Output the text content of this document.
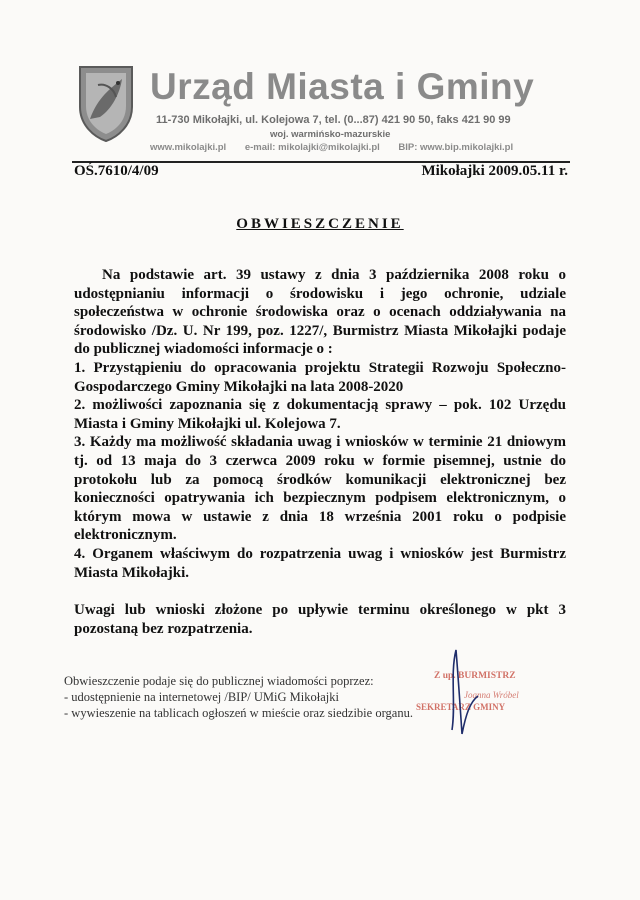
Urząd Miasta i Gminy
11-730 Mikołajki, ul. Kolejowa 7, tel. (0...87) 421 90 50, faks 421 90 99
woj. warmińsko-mazurskie
www.mikolajki.pl e-mail: mikolajki@mikolajki.pl BIP: www.bip.mikolajki.pl
OŚ.7610/4/09	Mikołajki 2009.05.11 r.
OBWIESZCZENIE

Na podstawie art. 39 ustawy z dnia 3 października 2008 roku o udostępnianiu informacji o środowisku i jego ochronie, udziale społeczeństwa w ochronie środowiska oraz o ocenach oddziaływania na środowisko /Dz. U. Nr 199, poz. 1227/, Burmistrz Miasta Mikołajki podaje do publicznej wiadomości informacje o :

1. Przystąpieniu do opracowania projektu Strategii Rozwoju Społeczno-Gospodarczego Gminy Mikołajki na lata 2008-2020

2. możliwości zapoznania się z dokumentacją sprawy – pok. 102 Urzędu Miasta i Gminy Mikołajki ul. Kolejowa 7.

3. Każdy ma możliwość składania uwag i wniosków w terminie 21 dniowym tj. od 13 maja do 3 czerwca 2009 roku w formie pisemnej, ustnie do protokołu lub za pomocą środków komunikacji elektronicznej bez konieczności opatrywania ich bezpiecznym podpisem elektronicznym, o którym mowa w ustawie z dnia 18 września 2001 roku o podpisie elektronicznym.

4. Organem właściwym do rozpatrzenia uwag i wniosków jest Burmistrz Miasta Mikołajki.

Uwagi lub wnioski złożone po upływie terminu określonego w pkt 3 pozostaną bez rozpatrzenia.

Obwieszczenie podaje się do publicznej wiadomości poprzez:
- udostępnienie na internetowej /BIP/ UMiG Mikołajki
- wywieszenie na tablicach ogłoszeń w mieście oraz siedzibie organu.
Z up. BURMISTRZ
Joanna Wróbel
SEKRETARZ GMINY
